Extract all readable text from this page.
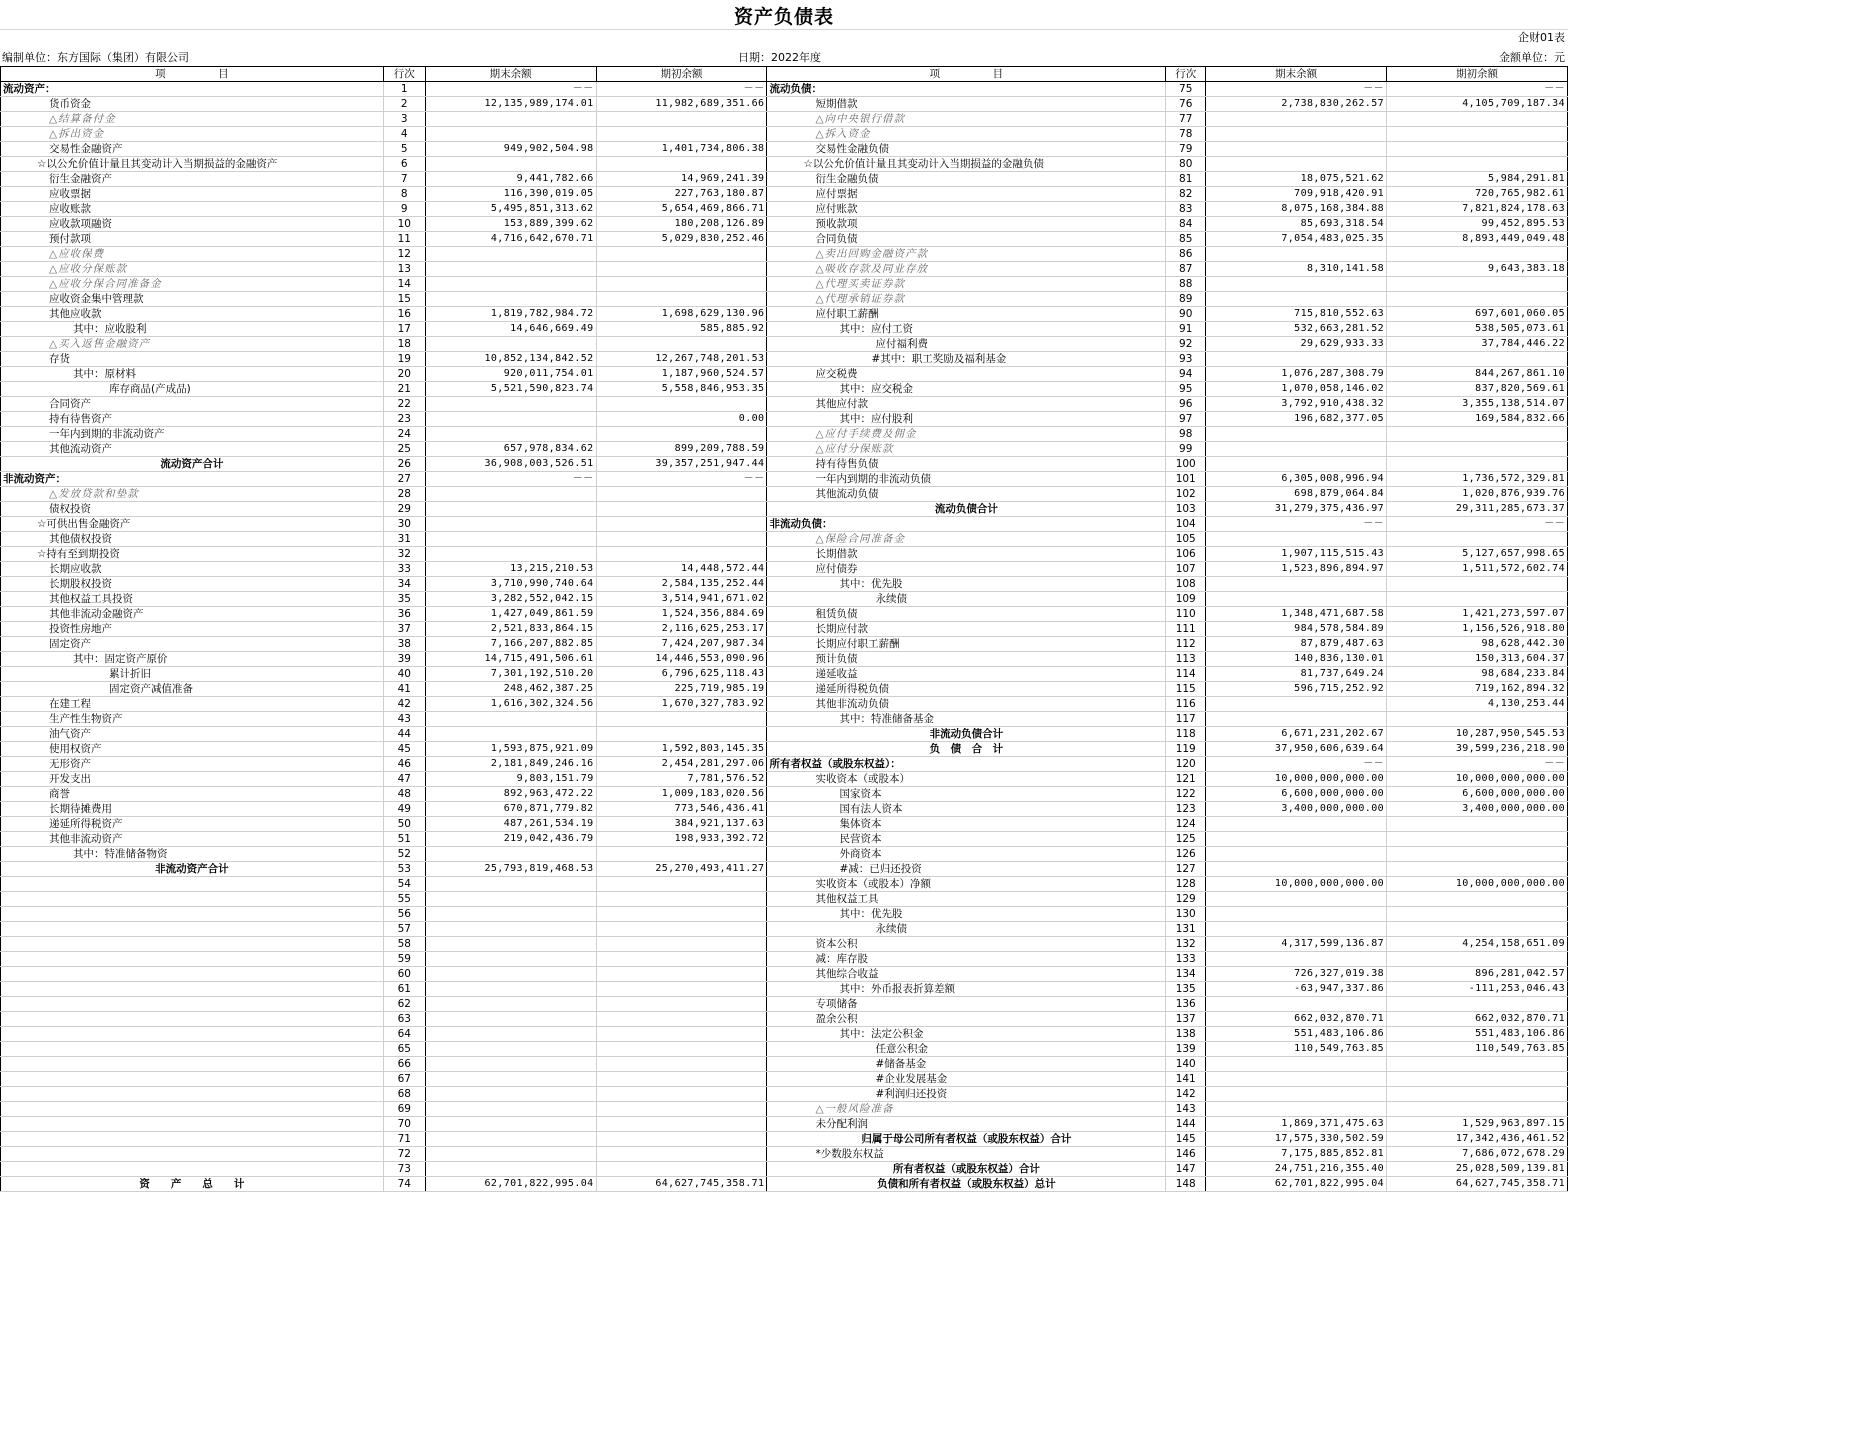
资产负债表
企财01表
编制单位：东方国际（集团）有限公司	日期：2022年度	金额单位：元
项　　　　　目	行次	期末余额	期初余额	项　　　　　目	行次	期末余额	期初余额
流动资产：	1	－－	－－	流动负债：	75	－－	－－
货币资金	2	12,135,989,174.01	11,982,689,351.66	短期借款	76	2,738,830,262.57	4,105,709,187.34
△结算备付金	3			△向中央银行借款	77		
△拆出资金	4			△拆入资金	78		
交易性金融资产	5	949,902,504.98	1,401,734,806.38	交易性金融负债	79		
☆以公允价值计量且其变动计入当期损益的金融资产	6			☆以公允价值计量且其变动计入当期损益的金融负债	80		
衍生金融资产	7	9,441,782.66	14,969,241.39	衍生金融负债	81	18,075,521.62	5,984,291.81
应收票据	8	116,390,019.05	227,763,180.87	应付票据	82	709,918,420.91	720,765,982.61
应收账款	9	5,495,851,313.62	5,654,469,866.71	应付账款	83	8,075,168,384.88	7,821,824,178.63
应收款项融资	10	153,889,399.62	180,208,126.89	预收款项	84	85,693,318.54	99,452,895.53
预付款项	11	4,716,642,670.71	5,029,830,252.46	合同负债	85	7,054,483,025.35	8,893,449,049.48
△应收保费	12			△卖出回购金融资产款	86		
△应收分保账款	13			△吸收存款及同业存放	87	8,310,141.58	9,643,383.18
△应收分保合同准备金	14			△代理买卖证券款	88		
应收资金集中管理款	15			△代理承销证券款	89		
其他应收款	16	1,819,782,984.72	1,698,629,130.96	应付职工薪酬	90	715,810,552.63	697,601,060.05
其中：应收股利	17	14,646,669.49	585,885.92	其中：应付工资	91	532,663,281.52	538,505,073.61
△买入返售金融资产	18			应付福利费	92	29,629,933.33	37,784,446.22
存货	19	10,852,134,842.52	12,267,748,201.53	#其中：职工奖励及福利基金	93		
其中：原材料	20	920,011,754.01	1,187,960,524.57	应交税费	94	1,076,287,308.79	844,267,861.10
库存商品(产成品)	21	5,521,590,823.74	5,558,846,953.35	其中：应交税金	95	1,070,058,146.02	837,820,569.61
合同资产	22			其他应付款	96	3,792,910,438.32	3,355,138,514.07
持有待售资产	23		0.00	其中：应付股利	97	196,682,377.05	169,584,832.66
一年内到期的非流动资产	24			△应付手续费及佣金	98		
其他流动资产	25	657,978,834.62	899,209,788.59	△应付分保账款	99		
流动资产合计	26	36,908,003,526.51	39,357,251,947.44	持有待售负债	100		
非流动资产：	27	－－	－－	一年内到期的非流动负债	101	6,305,008,996.94	1,736,572,329.81
△发放贷款和垫款	28			其他流动负债	102	698,879,064.84	1,020,876,939.76
债权投资	29			流动负债合计	103	31,279,375,436.97	29,311,285,673.37
☆可供出售金融资产	30			非流动负债：	104	－－	－－
其他债权投资	31			△保险合同准备金	105		
☆持有至到期投资	32			长期借款	106	1,907,115,515.43	5,127,657,998.65
长期应收款	33	13,215,210.53	14,448,572.44	应付债券	107	1,523,896,894.97	1,511,572,602.74
长期股权投资	34	3,710,990,740.64	2,584,135,252.44	其中：优先股	108		
其他权益工具投资	35	3,282,552,042.15	3,514,941,671.02	永续债	109		
其他非流动金融资产	36	1,427,049,861.59	1,524,356,884.69	租赁负债	110	1,348,471,687.58	1,421,273,597.07
投资性房地产	37	2,521,833,864.15	2,116,625,253.17	长期应付款	111	984,578,584.89	1,156,526,918.80
固定资产	38	7,166,207,882.85	7,424,207,987.34	长期应付职工薪酬	112	87,879,487.63	98,628,442.30
其中：固定资产原价	39	14,715,491,506.61	14,446,553,090.96	预计负债	113	140,836,130.01	150,313,604.37
累计折旧	40	7,301,192,510.20	6,796,625,118.43	递延收益	114	81,737,649.24	98,684,233.84
固定资产减值准备	41	248,462,387.25	225,719,985.19	递延所得税负债	115	596,715,252.92	719,162,894.32
在建工程	42	1,616,302,324.56	1,670,327,783.92	其他非流动负债	116		4,130,253.44
生产性生物资产	43			其中：特准储备基金	117		
油气资产	44			非流动负债合计	118	6,671,231,202.67	10,287,950,545.53
使用权资产	45	1,593,875,921.09	1,592,803,145.35	负　债　合　计	119	37,950,606,639.64	39,599,236,218.90
无形资产	46	2,181,849,246.16	2,454,281,297.06	所有者权益（或股东权益）：	120	－－	－－
开发支出	47	9,803,151.79	7,781,576.52	实收资本（或股本）	121	10,000,000,000.00	10,000,000,000.00
商誉	48	892,963,472.22	1,009,183,020.56	国家资本	122	6,600,000,000.00	6,600,000,000.00
长期待摊费用	49	670,871,779.82	773,546,436.41	国有法人资本	123	3,400,000,000.00	3,400,000,000.00
递延所得税资产	50	487,261,534.19	384,921,137.63	集体资本	124		
其他非流动资产	51	219,042,436.79	198,933,392.72	民营资本	125		
其中：特准储备物资	52			外商资本	126		
非流动资产合计	53	25,793,819,468.53	25,270,493,411.27	#减：已归还投资	127		
	54			实收资本（或股本）净额	128	10,000,000,000.00	10,000,000,000.00
	55			其他权益工具	129		
	56			其中：优先股	130		
	57			永续债	131		
	58			资本公积	132	4,317,599,136.87	4,254,158,651.09
	59			减：库存股	133		
	60			其他综合收益	134	726,327,019.38	896,281,042.57
	61			其中：外币报表折算差额	135	-63,947,337.86	-111,253,046.43
	62			专项储备	136		
	63			盈余公积	137	662,032,870.71	662,032,870.71
	64			其中：法定公积金	138	551,483,106.86	551,483,106.86
	65			任意公积金	139	110,549,763.85	110,549,763.85
	66			#储备基金	140		
	67			#企业发展基金	141		
	68			#利润归还投资	142		
	69			△一般风险准备	143		
	70			未分配利润	144	1,869,371,475.63	1,529,963,897.15
	71			归属于母公司所有者权益（或股东权益）合计	145	17,575,330,502.59	17,342,436,461.52
	72			*少数股东权益	146	7,175,885,852.81	7,686,072,678.29
	73			所有者权益（或股东权益）合计	147	24,751,216,355.40	25,028,509,139.81
资　　产　　总　　计	74	62,701,822,995.04	64,627,745,358.71	负债和所有者权益（或股东权益）总计	148	62,701,822,995.04	64,627,745,358.71
